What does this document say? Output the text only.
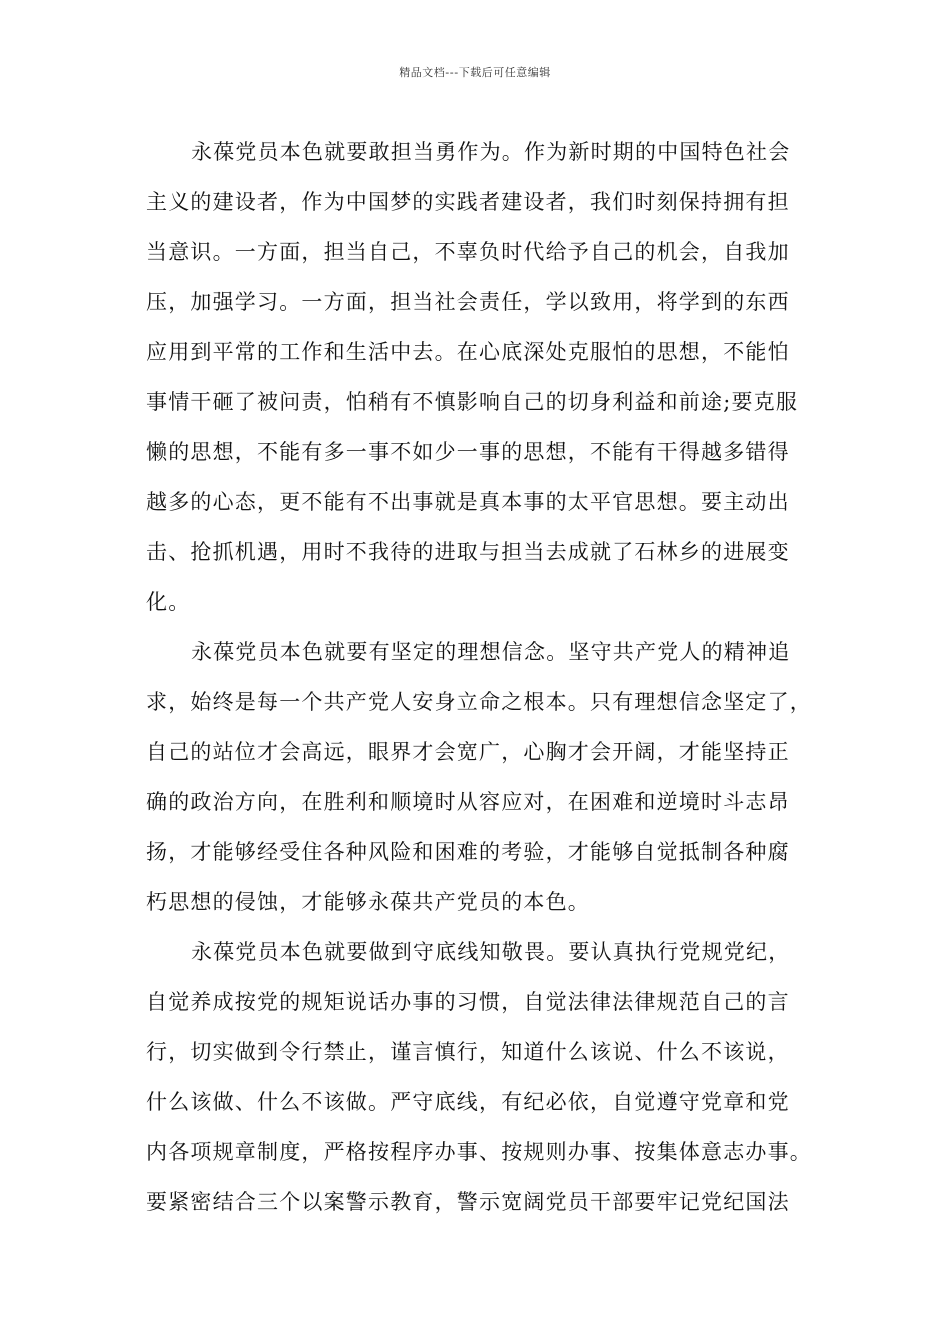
精品文档---下载后可任意编辑
永葆党员本色就要敢担当勇作为。作为新时期的中国特色社会
主义的建设者，作为中国梦的实践者建设者，我们时刻保持拥有担
当意识。一方面，担当自己，不辜负时代给予自己的机会，自我加
压，加强学习。一方面，担当社会责任，学以致用，将学到的东西
应用到平常的工作和生活中去。在心底深处克服怕的思想，不能怕
事情干砸了被问责，怕稍有不慎影响自己的切身利益和前途;要克服
懒的思想，不能有多一事不如少一事的思想，不能有干得越多错得
越多的心态，更不能有不出事就是真本事的太平官思想。要主动出
击、抢抓机遇，用时不我待的进取与担当去成就了石林乡的进展变
化。
永葆党员本色就要有坚定的理想信念。坚守共产党人的精神追
求，始终是每一个共产党人安身立命之根本。只有理想信念坚定了，
自己的站位才会高远，眼界才会宽广，心胸才会开阔，才能坚持正
确的政治方向，在胜利和顺境时从容应对，在困难和逆境时斗志昂
扬，才能够经受住各种风险和困难的考验，才能够自觉抵制各种腐
朽思想的侵蚀，才能够永葆共产党员的本色。
永葆党员本色就要做到守底线知敬畏。要认真执行党规党纪，
自觉养成按党的规矩说话办事的习惯，自觉法律法律规范自己的言
行，切实做到令行禁止，谨言慎行，知道什么该说、什么不该说，
什么该做、什么不该做。严守底线，有纪必依，自觉遵守党章和党
内各项规章制度，严格按程序办事、按规则办事、按集体意志办事。
要紧密结合三个以案警示教育，警示宽阔党员干部要牢记党纪国法
